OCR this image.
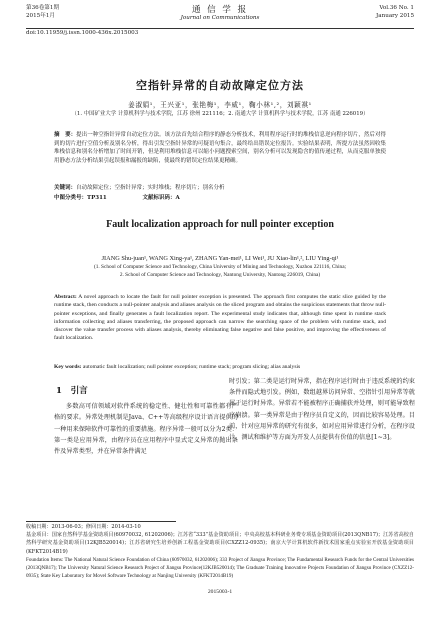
第36卷第1期
2015年1月
通 信 学 报
Journal on Communications
Vol.36 No. 1
January 2015
doi:10.11959/j.issn.1000-436x.2015003
空指针异常的自动故障定位方法
姜淑娟¹，王兴亚¹，张艳梅¹，李威¹，鞠小林¹,²，刘颖祺¹
（1. 中国矿业大学 计算机科学与技术学院，江苏 徐州 221116；2. 南通大学 计算机科学与技术学院，江苏 南通 226019）
摘　要：提出一种空指针异常自动定位方法。该方法首先结合程序的静态分析技术，利用程序运行时的堆栈信息逆向程序切片，然后对得到的切片进行空值分析及别名分析，得出引发空指针异常的可疑语句集合，最终给出错误定位报告。实验结果表明，所提方法虽然因收集堆栈信息和别名分析增加了时间开销，但是利用堆栈信息可以缩小问题搜索空间，别名分析可以发现隐含的值传递过程，从而克服单独使用静态方法分析结果引起误报和漏报的缺陷，使最终的错误定位结果更精确。
关键词：自动故障定位；空指针异常；实时堆栈；程序切片；别名分析
中图分类号：TP311	文献标识码：A
Fault localization approach for null pointer exception
JIANG Shu-juan¹, WANG Xing-ya¹, ZHANG Yan-mei¹, LI Wei¹, JU Xiao-lin¹,², LIU Ying-qi¹
(1. School of Computer Science and Technology, China University of Mining and Technology, Xuzhou 221116, China;
2. School of Computer Science and Technology, Nantong University, Nantong 226019, China)
Abstract: A novel approach to locate the fault for null pointer exception is presented. The approach first computes the static slice guided by the runtime stack, then conducts a null-pointer analysis and aliases analysis on the sliced program and obtains the suspicious statements that throw null-pointer exceptions, and finally generates a fault localization report. The experimental study indicates that, although time spent in runtime stack information collecting and aliases transferring, the proposed approach can narrow the searching space of the problem with runtime stack, and discover the value transfer process with aliases analysis, thereby eliminating false negative and false positive, and improving the effectiveness of fault localization.
Key words: automatic fault localization; null pointer exception; runtime stack; program slicing; alias analysis
1　引言

多数高可信领域对软件系统的稳定性、健壮性和可靠性都有严格的要求。异常处理机制是Java、C++等高级程序设计语言提供的一种用来保障软件可靠性的重要措施。程序异常一般可以分为2类：第一类是应用异常，由程序员在应用程序中显式定义异常的抛出条件及异常类型，并在异常条件满足

时引发；第二类是运行时异常，指在程序运行时由于违反系统的约束条件而隐式地引发。例如，数组越界访问异常、空指针引用异常等就属于运行时异常。异常若不能被程序正确捕获并处理，则可能导致程序崩溃。第一类异常是由于程序员自定义的，因而比较容易处理。目前，针对应用异常的研究有很多，如对应用异常进行分析，在程序设计、测试和维护等方面为开发人员提供有价值的信息[1~3]。

收稿日期：2013-06-03；修回日期：2014-03-10

基金项目：国家自然科学基金资助项目(60970032, 61202006)；江苏省“333”基金资助项目；中央高校基本科研业务费专项基金资助项目(2013QNB17)；江苏省高校自然科学研究基金资助项目(12KJB520014)；江苏省研究生培养创新工程基金资助项目(CXZZ12-0935)；南京大学计算机软件新技术国家重点实验室开放基金资助项目(KFKT2014B19)

Foundation Items: The National Natural Science Foundation of China (60970032, 61202006); 333 Project of Jiangsu Province; The Fundamental Research Funds for the Central Universities (2013QNB17); The University Natural Science Research Project of Jiangsu Province(12KJB520014); The Graduate Training Innovative Projects Foundation of Jiangsu Province (CXZZ12-0935); State Key Laboratory for Movel Software Technology at Nanjing University (KFKT2014B19)

2015003-1
